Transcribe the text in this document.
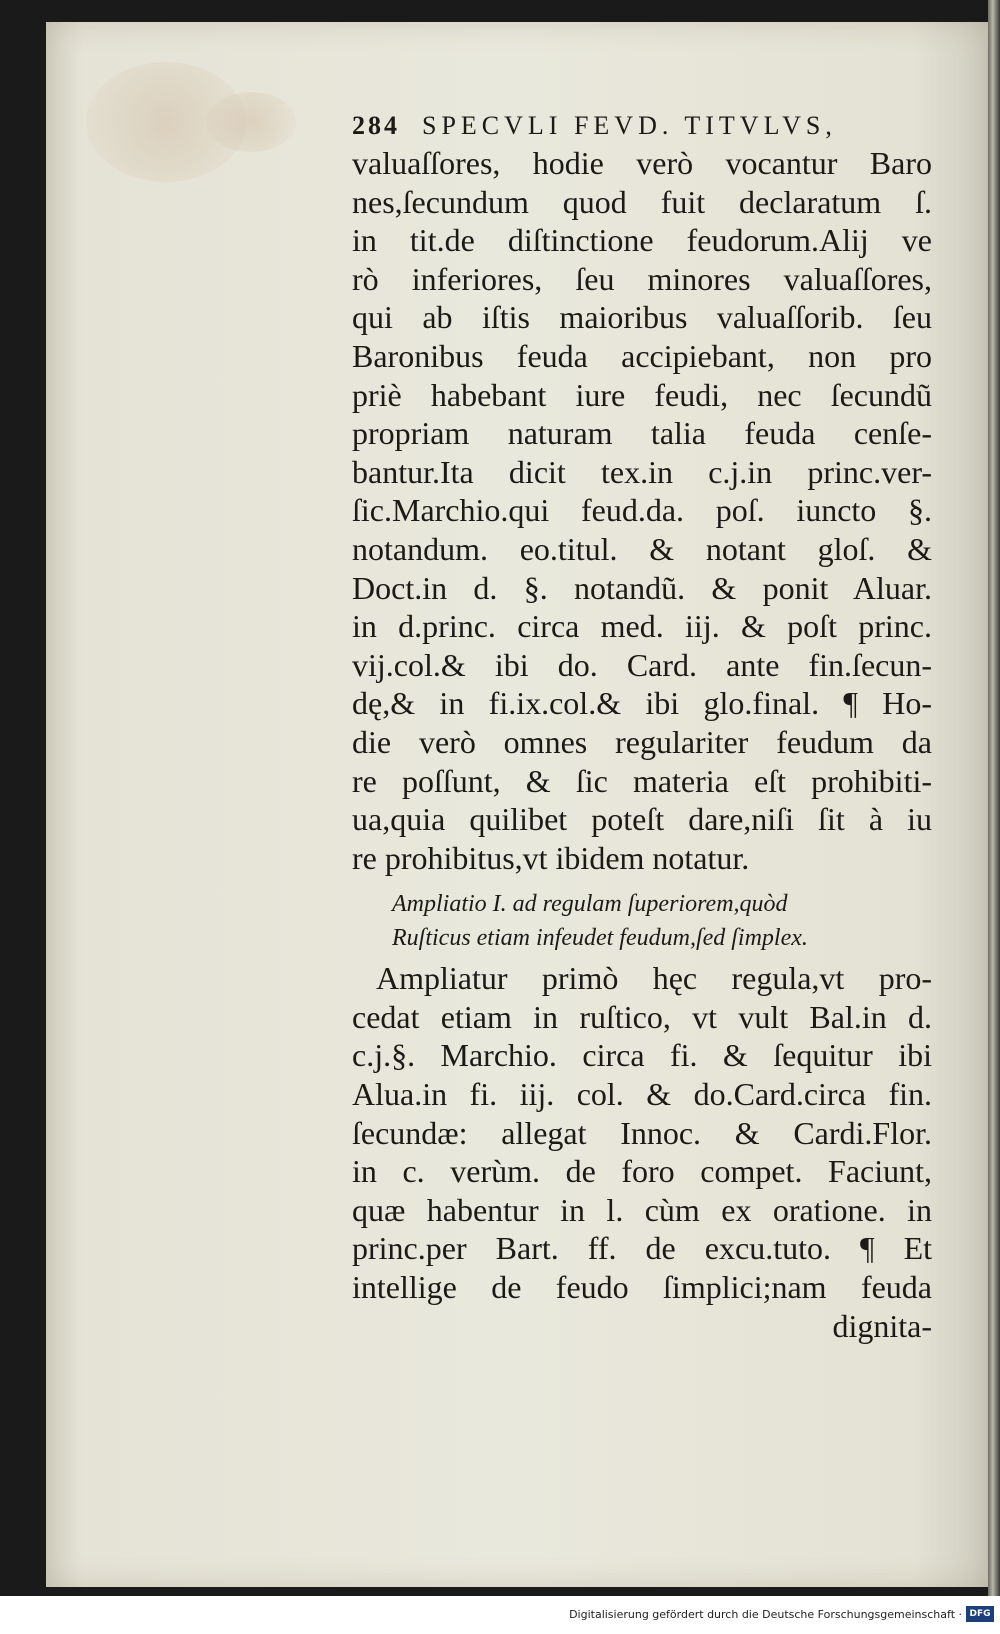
284 SPECVLI FEVD. TITVLVS,
valuaſſores, hodie verò vocantur Baro
nes,ſecundum quod fuit declaratum ſ.
in tit.de diſtinctione feudorum.Alij ve
rò inferiores, ſeu minores valuaſſores,
qui ab iſtis maioribus valuaſſorib. ſeu
Baronibus feuda accipiebant, non pro
priè habebant iure feudi, nec ſecundũ
propriam naturam talia feuda cenſe-
bantur.Ita dicit tex.in c.j.in princ.ver-
ſic.Marchio.qui feud.da. poſ. iuncto §.
notandum. eo.titul. & notant gloſ. &
Doct.in d. §. notandũ. & ponit Aluar.
in d.princ. circa med. iij. & poſt princ.
vij.col.& ibi do. Card. ante fin.ſecun-
dę,& in fi.ix.col.& ibi glo.final. ¶ Ho-
die verò omnes regulariter feudum da
re poſſunt, & ſic materia eſt prohibiti-
ua,quia quilibet poteſt dare,niſi ſit à iu
re prohibitus,vt ibidem notatur.
Ampliatio I. ad regulam ſuperiorem,quòd
Ruſticus etiam infeudet feudum,ſed ſimplex.
Ampliatur primò hęc regula,vt pro-
cedat etiam in ruſtico, vt vult Bal.in d.
c.j.§. Marchio. circa fi. & ſequitur ibi
Alua.in fi. iij. col. & do.Card.circa fin.
ſecundæ: allegat Innoc. & Cardi.Flor.
in c. verùm. de foro compet. Faciunt,
quæ habentur in l. cùm ex oratione. in
princ.per Bart. ff. de excu.tuto. ¶ Et
intellige de feudo ſimplici;nam feuda
dignita-
Digitalisierung gefördert durch die Deutsche Forschungsgemeinschaft · DFG
